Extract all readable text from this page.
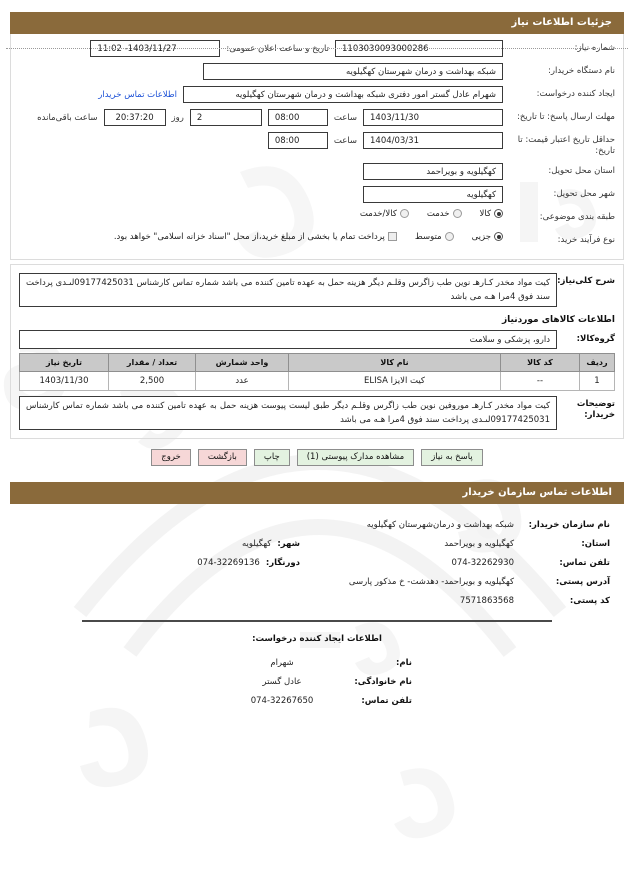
جزئیات اطلاعات نیاز
شماره نیاز:
1103030093000286
تاریخ و ساعت اعلان عمومی:
11:02 -1403/11/27
نام دستگاه خریدار:
شبکه بهداشت و درمان شهرستان کهگیلویه
ایجاد کننده درخواست:
شهرام عادل گستر امور دفتری شبکه بهداشت و درمان شهرستان کهگیلویه
اطلاعات تماس خریدار
مهلت ارسال پاسخ: تا تاریخ:
1403/11/30
ساعت
08:00
2
روز
20:37:20
ساعت باقی‌مانده
حداقل تاریخ اعتبار قیمت: تا تاریخ:
1404/03/31
ساعت
08:00
استان محل تحویل:
کهگیلویه و بویراحمد
شهر محل تحویل:
کهگیلویه
طبقه بندی موضوعی:
کالا
خدمت
کالا/خدمت
نوع فرآیند خرید:
جزیی
متوسط
پرداخت تمام یا بخشی از مبلغ خرید،از محل "اسناد خزانه اسلامی" خواهد بود.
شرح کلی‌نیاز:
کیت مواد مخدر کـارهـ نوین طب زاگرس وقلـم دیگر هزینه حمل به عهده تامین کننده می باشد شماره تماس کارشناس 09177425031لںـدی پرداخت سند فوق 4مرا هـه می باشد
اطلاعات کالاهای موردنیاز
گروه‌کالا:
دارو، پزشکی و سلامت
ردیف	کد کالا	نام کالا	واحد شمارش	تعداد / مقدار	تاریخ نیاز
1	--	کیت الایزا ELISA	عدد	2,500	1403/11/30
توضیحات خریدار:
کیت مواد مخدر کـارهـ موروفین نوین طب زاگرس وقلـم دیگر طبق لیست پیوست هزینه حمل به عهده تامین کننده می باشد شماره تماس کارشناس 09177425031لںـدی پرداخت سند فوق 4مرا هـه می باشد
پاسخ به نیاز
مشاهده مدارک پیوستی (1)
چاپ
بازگشت
خروج
اطلاعات تماس سازمان خریدار
نام سازمان خریدار:
شبکه بهداشت و درمان‌شهرستان کهگیلویه
استان:
کهگیلویه و بویراحمد
شهر:
کهگیلویه
تلفن تماس:
074-32262930
دورنگار:
074-32269136
آدرس پستی:
کهگیلویه و بویراحمد- دهدشت- خ مذکور پارسی
کد پستی:
7571863568
اطلاعات ایجاد کننده درخواست:
نام:
شهرام
نام خانوادگی:
عادل گستر
تلفن تماس:
074-32267650
